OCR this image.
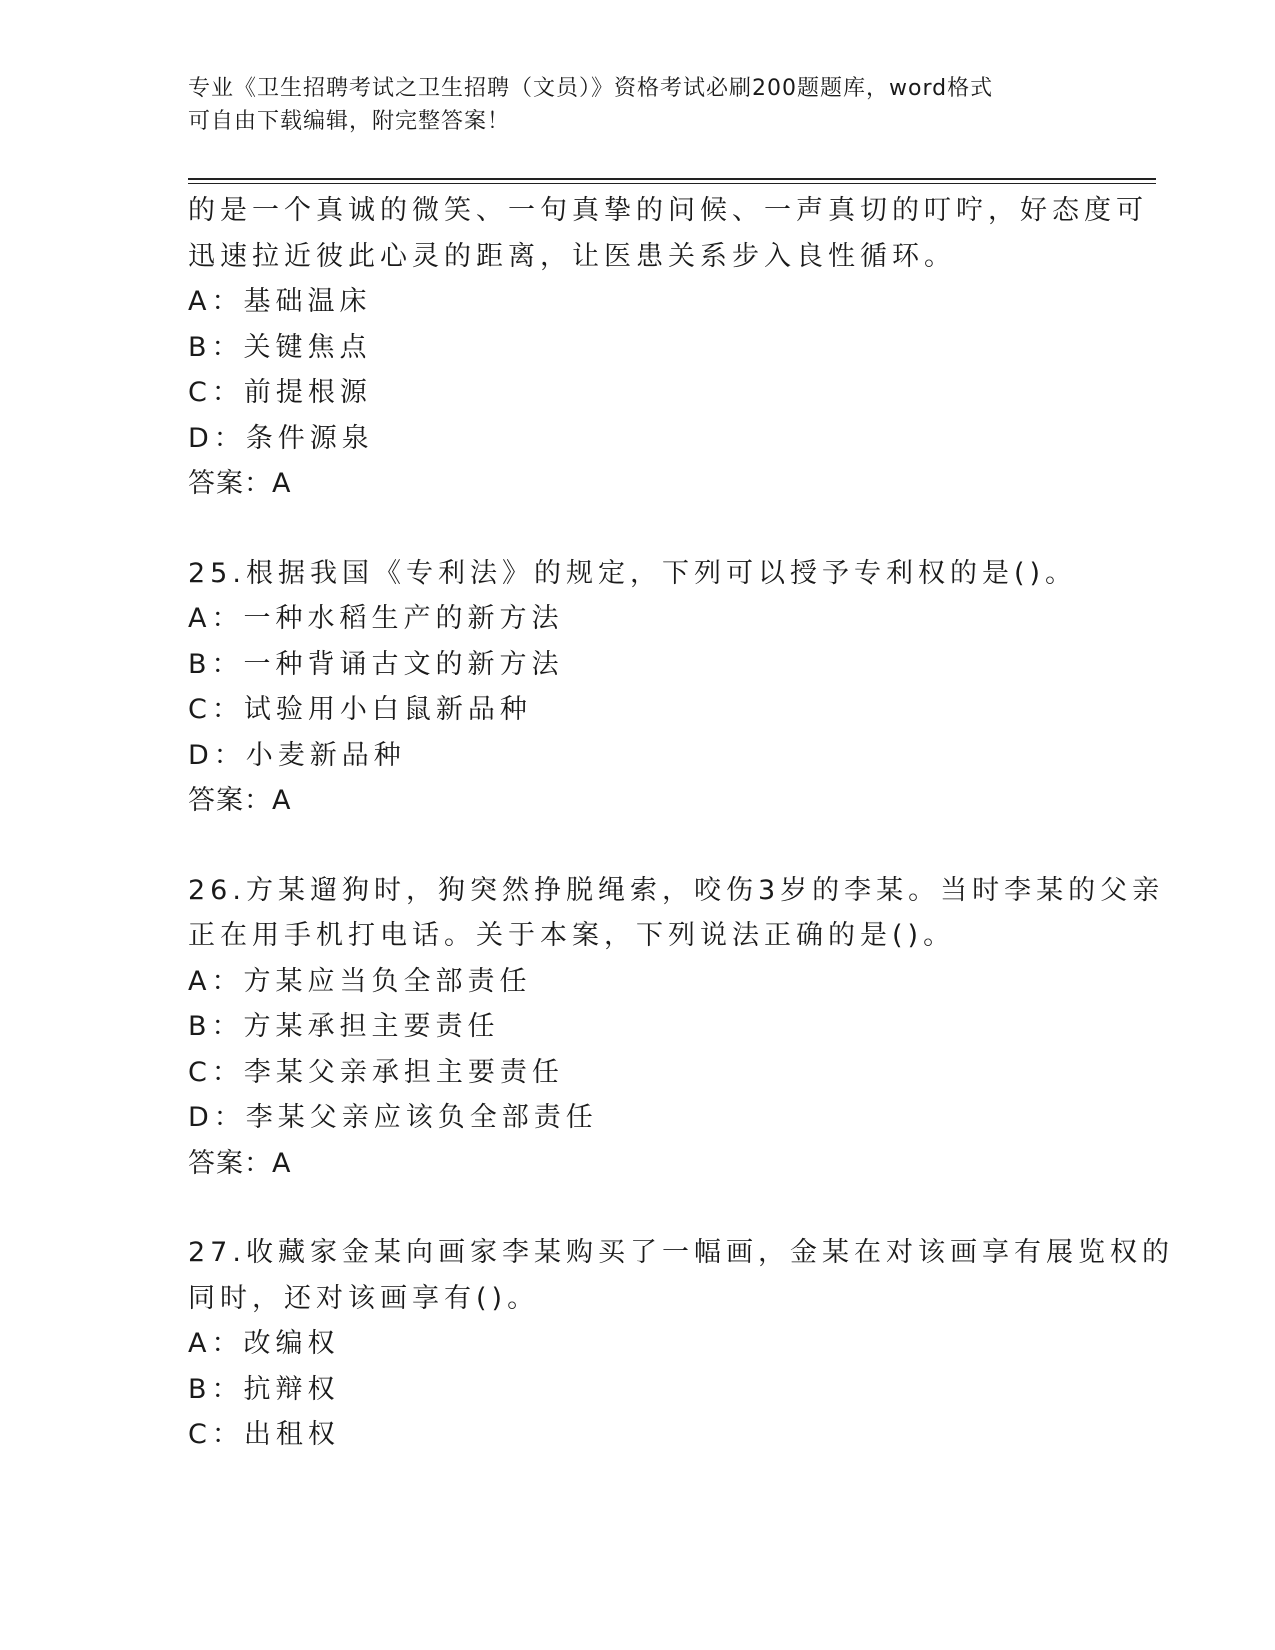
专业《卫生招聘考试之卫生招聘（文员）》资格考试必刷200题题库，word格式
可自由下载编辑，附完整答案！
的是一个真诚的微笑、一句真挚的问候、一声真切的叮咛，好态度可
迅速拉近彼此心灵的距离，让医患关系步入良性循环。
A：基础温床
B：关键焦点
C：前提根源
D：条件源泉
答案：A
25.根据我国《专利法》的规定，下列可以授予专利权的是()。
A：一种水稻生产的新方法
B：一种背诵古文的新方法
C：试验用小白鼠新品种
D：小麦新品种
答案：A
26.方某遛狗时，狗突然挣脱绳索，咬伤3岁的李某。当时李某的父亲
正在用手机打电话。关于本案，下列说法正确的是()。
A：方某应当负全部责任
B：方某承担主要责任
C：李某父亲承担主要责任
D：李某父亲应该负全部责任
答案：A
27.收藏家金某向画家李某购买了一幅画，金某在对该画享有展览权的
同时，还对该画享有()。
A：改编权
B：抗辩权
C：出租权
